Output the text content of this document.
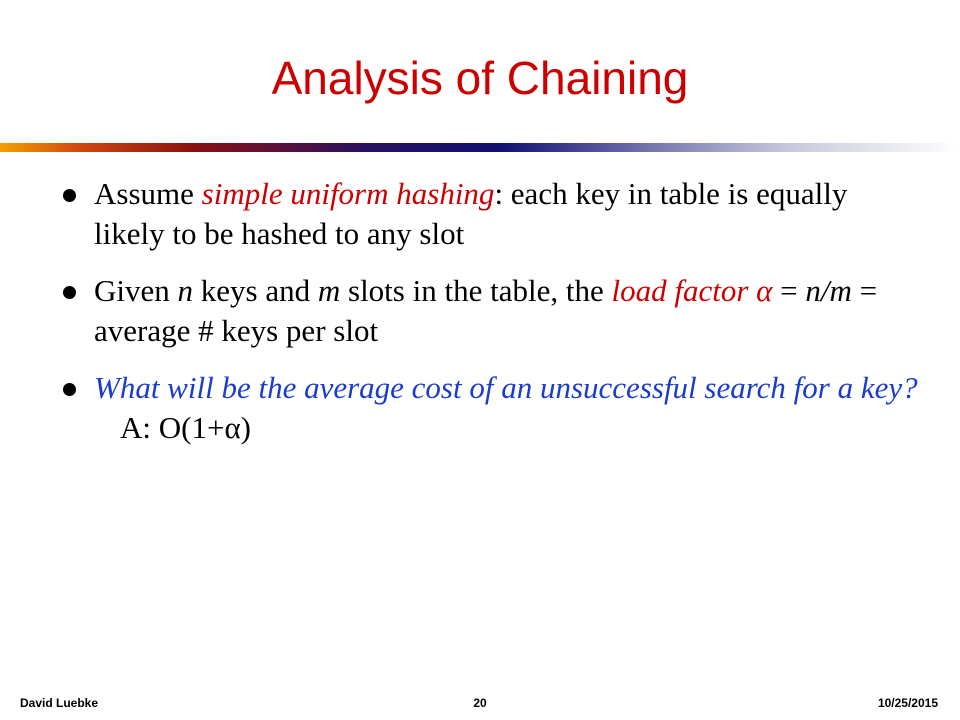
Analysis of Chaining
Assume simple uniform hashing: each key in table is equally likely to be hashed to any slot
Given n keys and m slots in the table, the load factor α = n/m = average # keys per slot
What will be the average cost of an unsuccessful search for a key?A: O(1+α)
David Luebke	20	10/25/2015
